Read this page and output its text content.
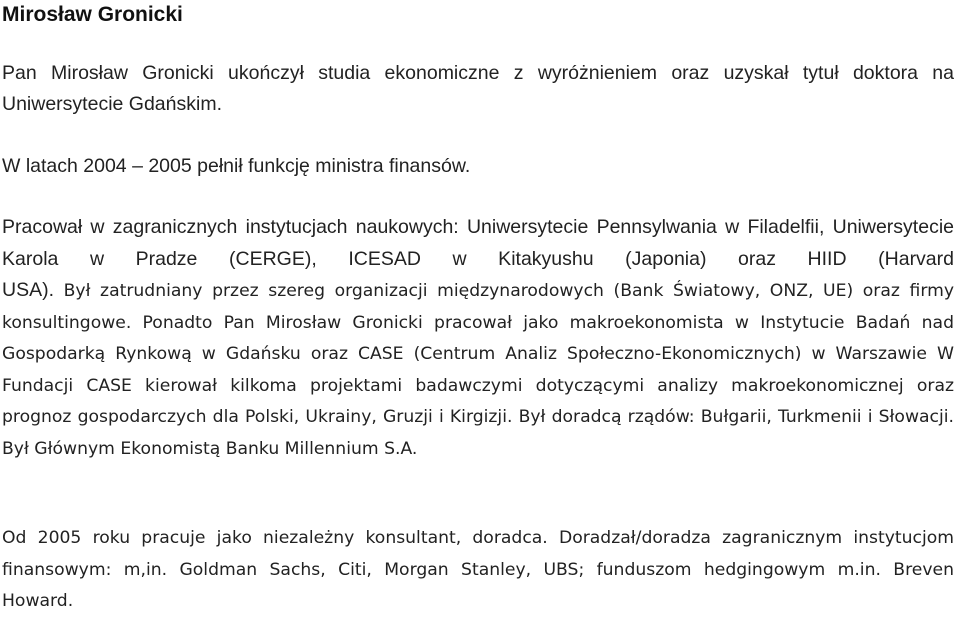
Mirosław Gronicki

Pan Mirosław Gronicki ukończył studia ekonomiczne z wyróżnieniem oraz uzyskał tytuł doktora na Uniwersytecie Gdańskim.

W latach 2004 – 2005 pełnił funkcję ministra finansów.

Pracował w zagranicznych instytucjach naukowych: Uniwersytecie Pennsylwania w Filadelfii, Uniwersytecie Karola w Pradze (CERGE), ICESAD w Kitakyushu (Japonia) oraz HIID (Harvard

USA). Był zatrudniany przez szereg organizacji międzynarodowych (Bank Światowy, ONZ, UE) oraz firmy konsultingowe. Ponadto Pan Mirosław Gronicki pracował jako makroekonomista w Instytucie Badań nad Gospodarką Rynkową w Gdańsku oraz CASE (Centrum Analiz Społeczno-Ekonomicznych) w Warszawie W Fundacji CASE kierował kilkoma projektami badawczymi dotyczącymi analizy makroekonomicznej oraz prognoz gospodarczych dla Polski, Ukrainy, Gruzji i Kirgizji. Był doradcą rządów: Bułgarii, Turkmenii i Słowacji. Był Głównym Ekonomistą Banku Millennium S.A.

Od 2005 roku pracuje jako niezależny konsultant, doradca. Doradzał/doradza zagranicznym instytucjom finansowym: m,in. Goldman Sachs, Citi, Morgan Stanley, UBS; funduszom hedgingowym m.in. Breven Howard.
